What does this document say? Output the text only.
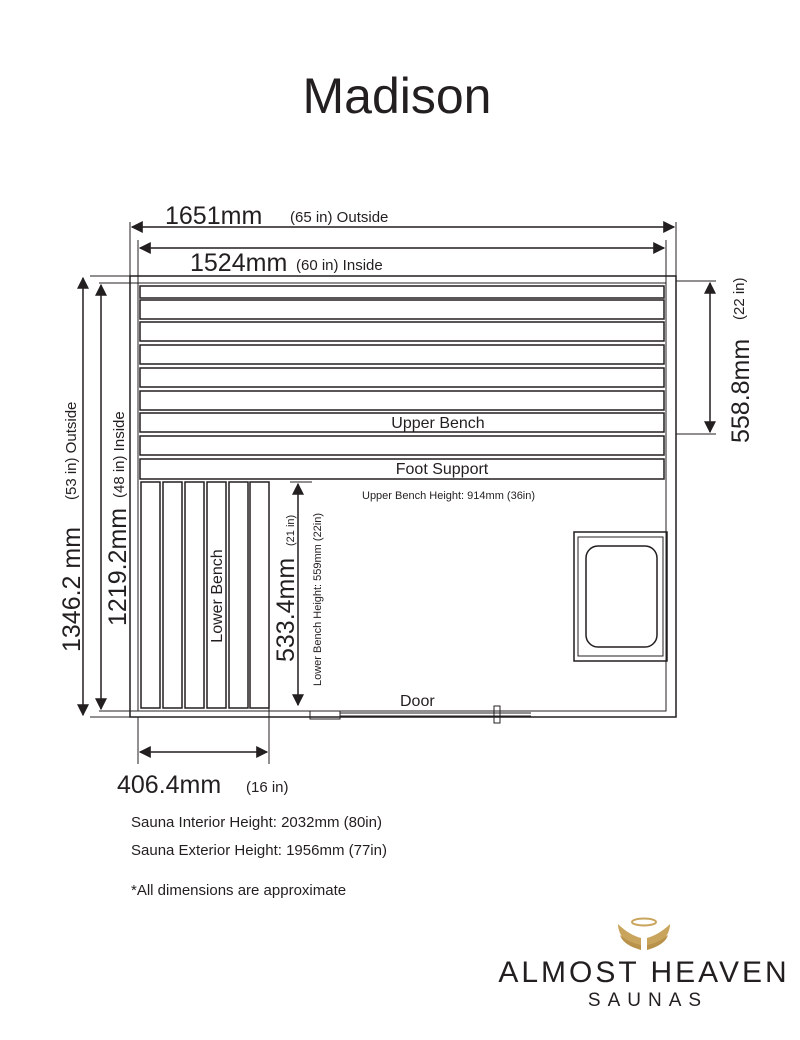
Madison
1651mm (65 in) Outside
1524mm (60 in) Inside
Upper Bench
Foot Support
Upper Bench Height: 914mm (36in)
Lower Bench 533.4mm
(21 in) Lower Bench Height: 559mm (22in)
Door
1346.2 mm
(53 in) Outside
1219.2mm
(48 in) Inside
558.8mm
(22 in)
406.4mm (16 in)
Sauna Interior Height: 2032mm (80in)
Sauna Exterior Height: 1956mm (77in)
*All dimensions are approximate
ALMOST HEAVEN
SAUNAS
